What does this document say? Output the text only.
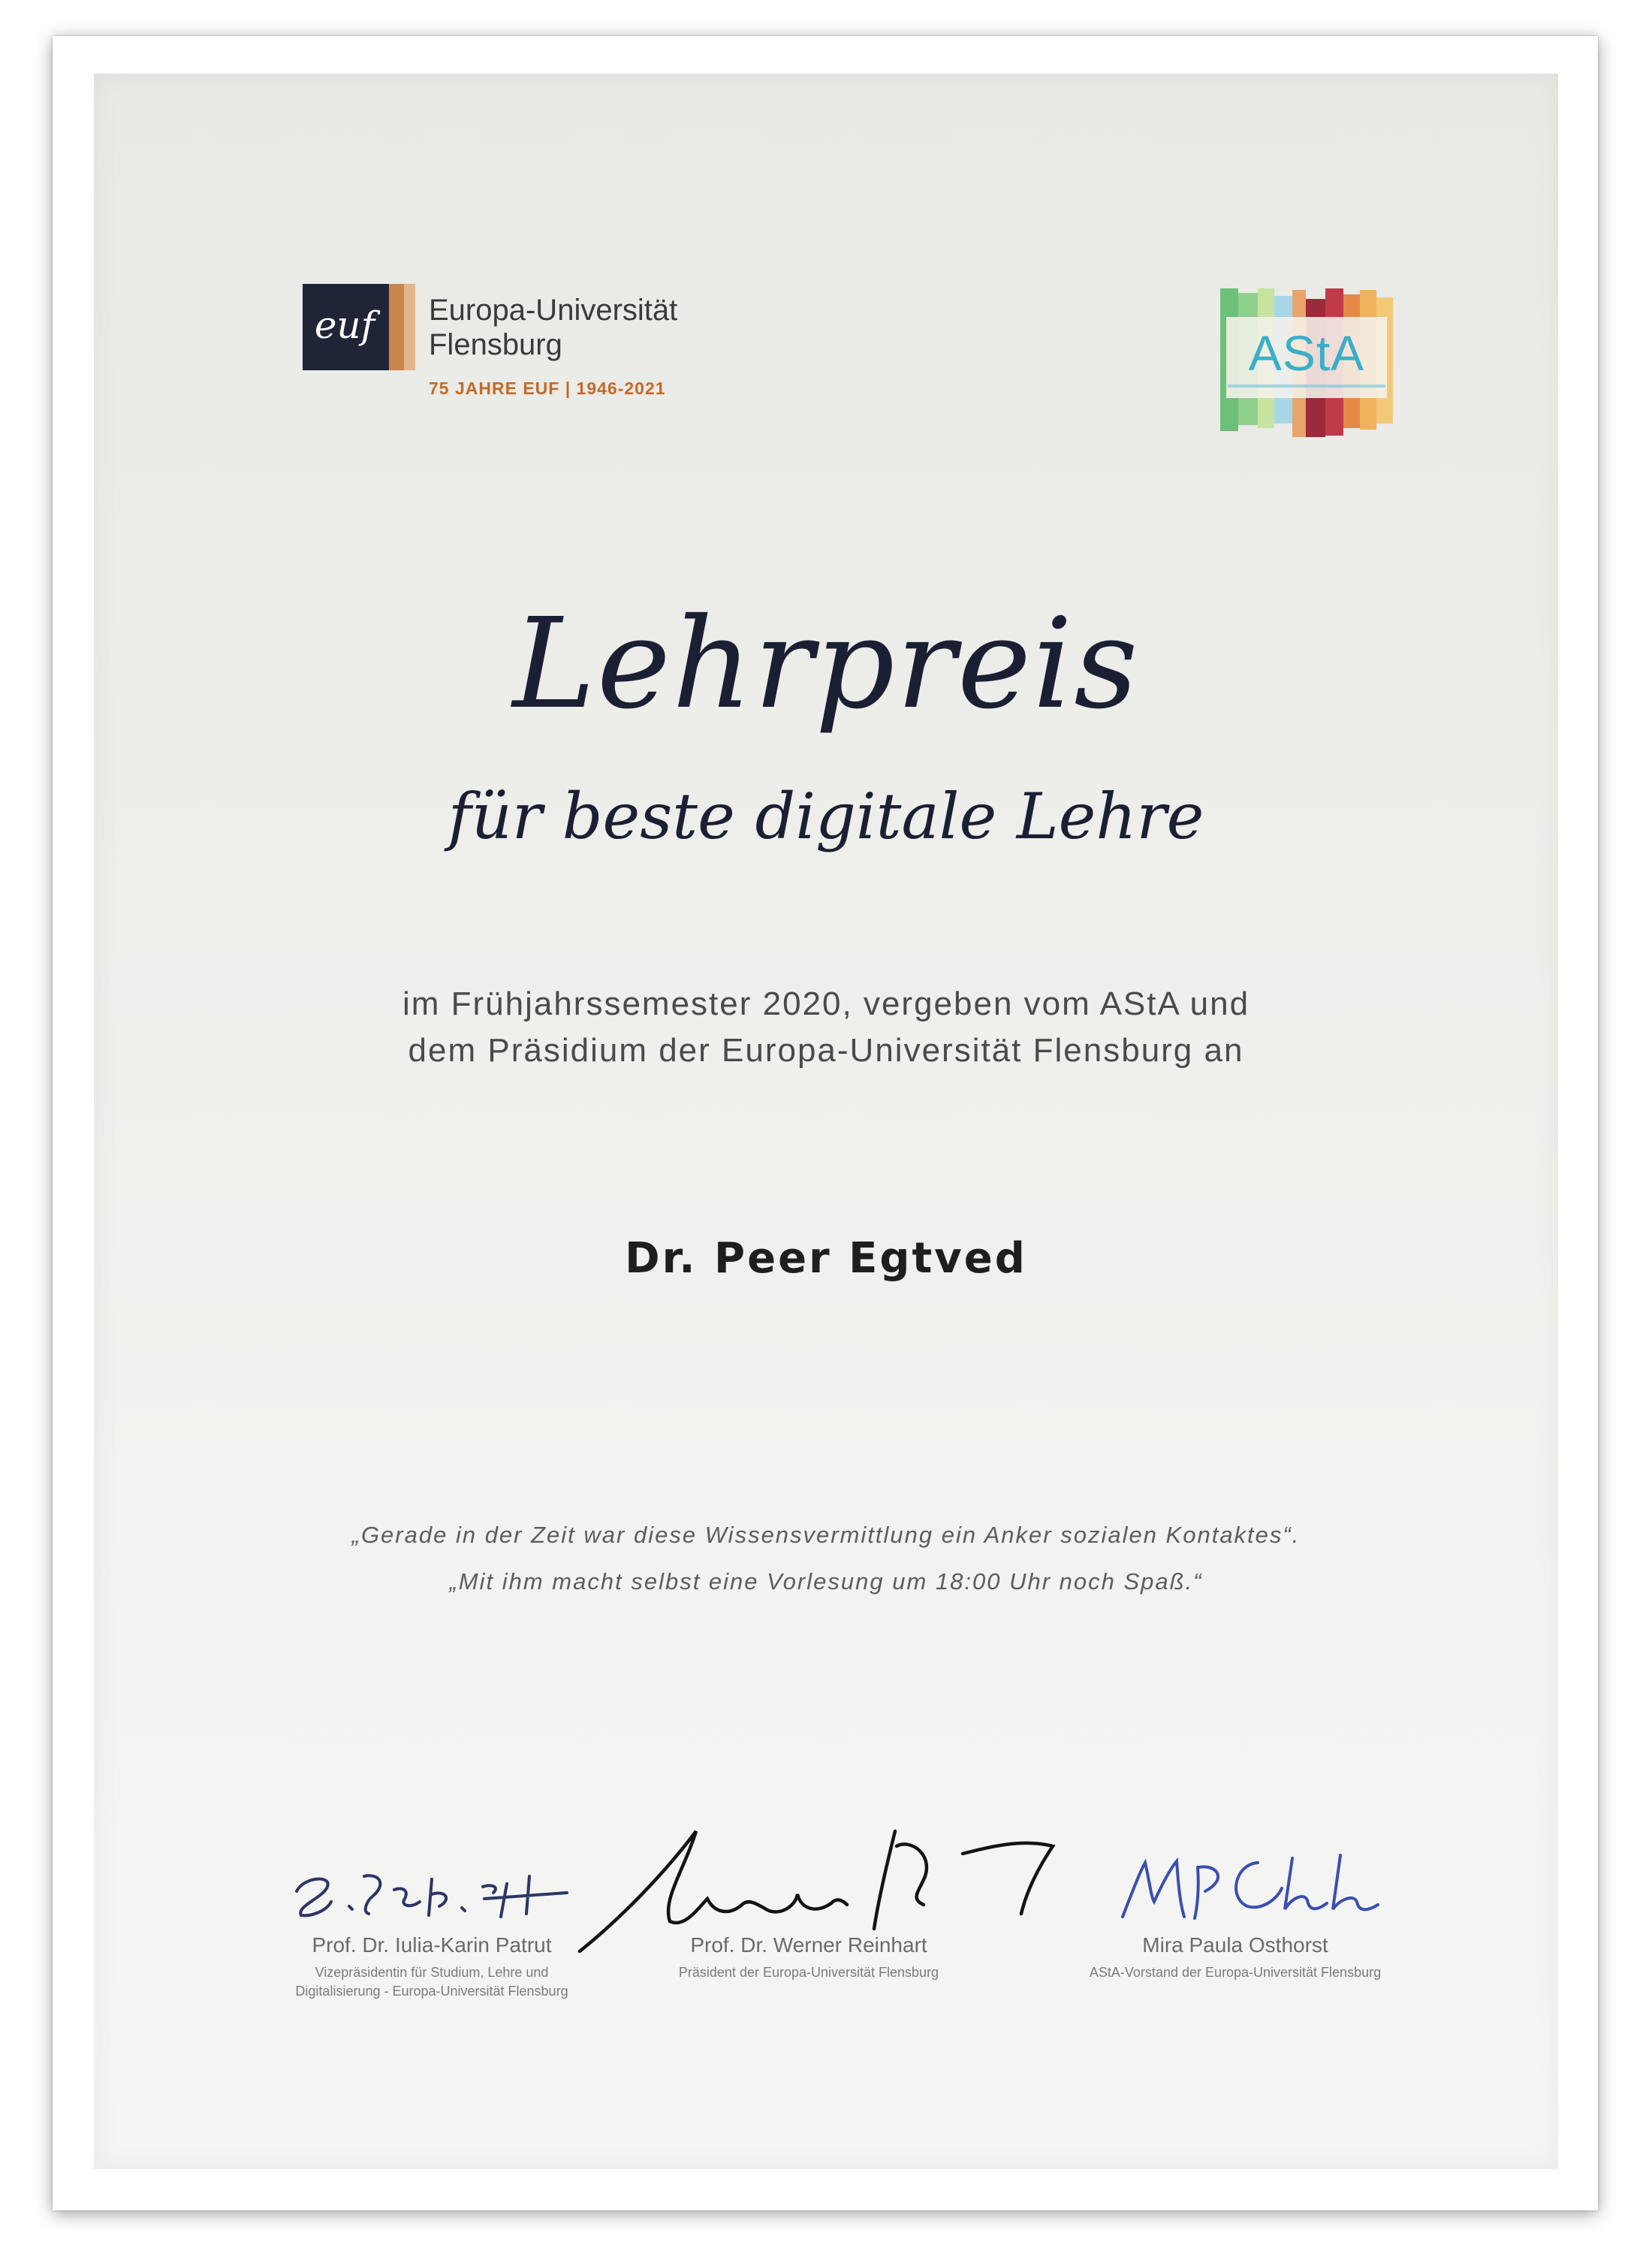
euf Europa-Universität
Flensburg
75 JAHRE EUF | 1946-2021
AStA
Lehrpreis
für beste digitale Lehre
im Frühjahrssemester 2020, vergeben vom AStA und
dem Präsidium der Europa-Universität Flensburg an
Dr. Peer Egtved
„Gerade in der Zeit war diese Wissensvermittlung ein Anker sozialen Kontaktes“.
„Mit ihm macht selbst eine Vorlesung um 18:00 Uhr noch Spaß.“
Prof. Dr. Iulia-Karin Patrut
Vizepräsidentin für Studium, Lehre und
Digitalisierung - Europa-Universität Flensburg
Prof. Dr. Werner Reinhart
Präsident der Europa-Universität Flensburg
Mira Paula Osthorst
AStA-Vorstand der Europa-Universität Flensburg
